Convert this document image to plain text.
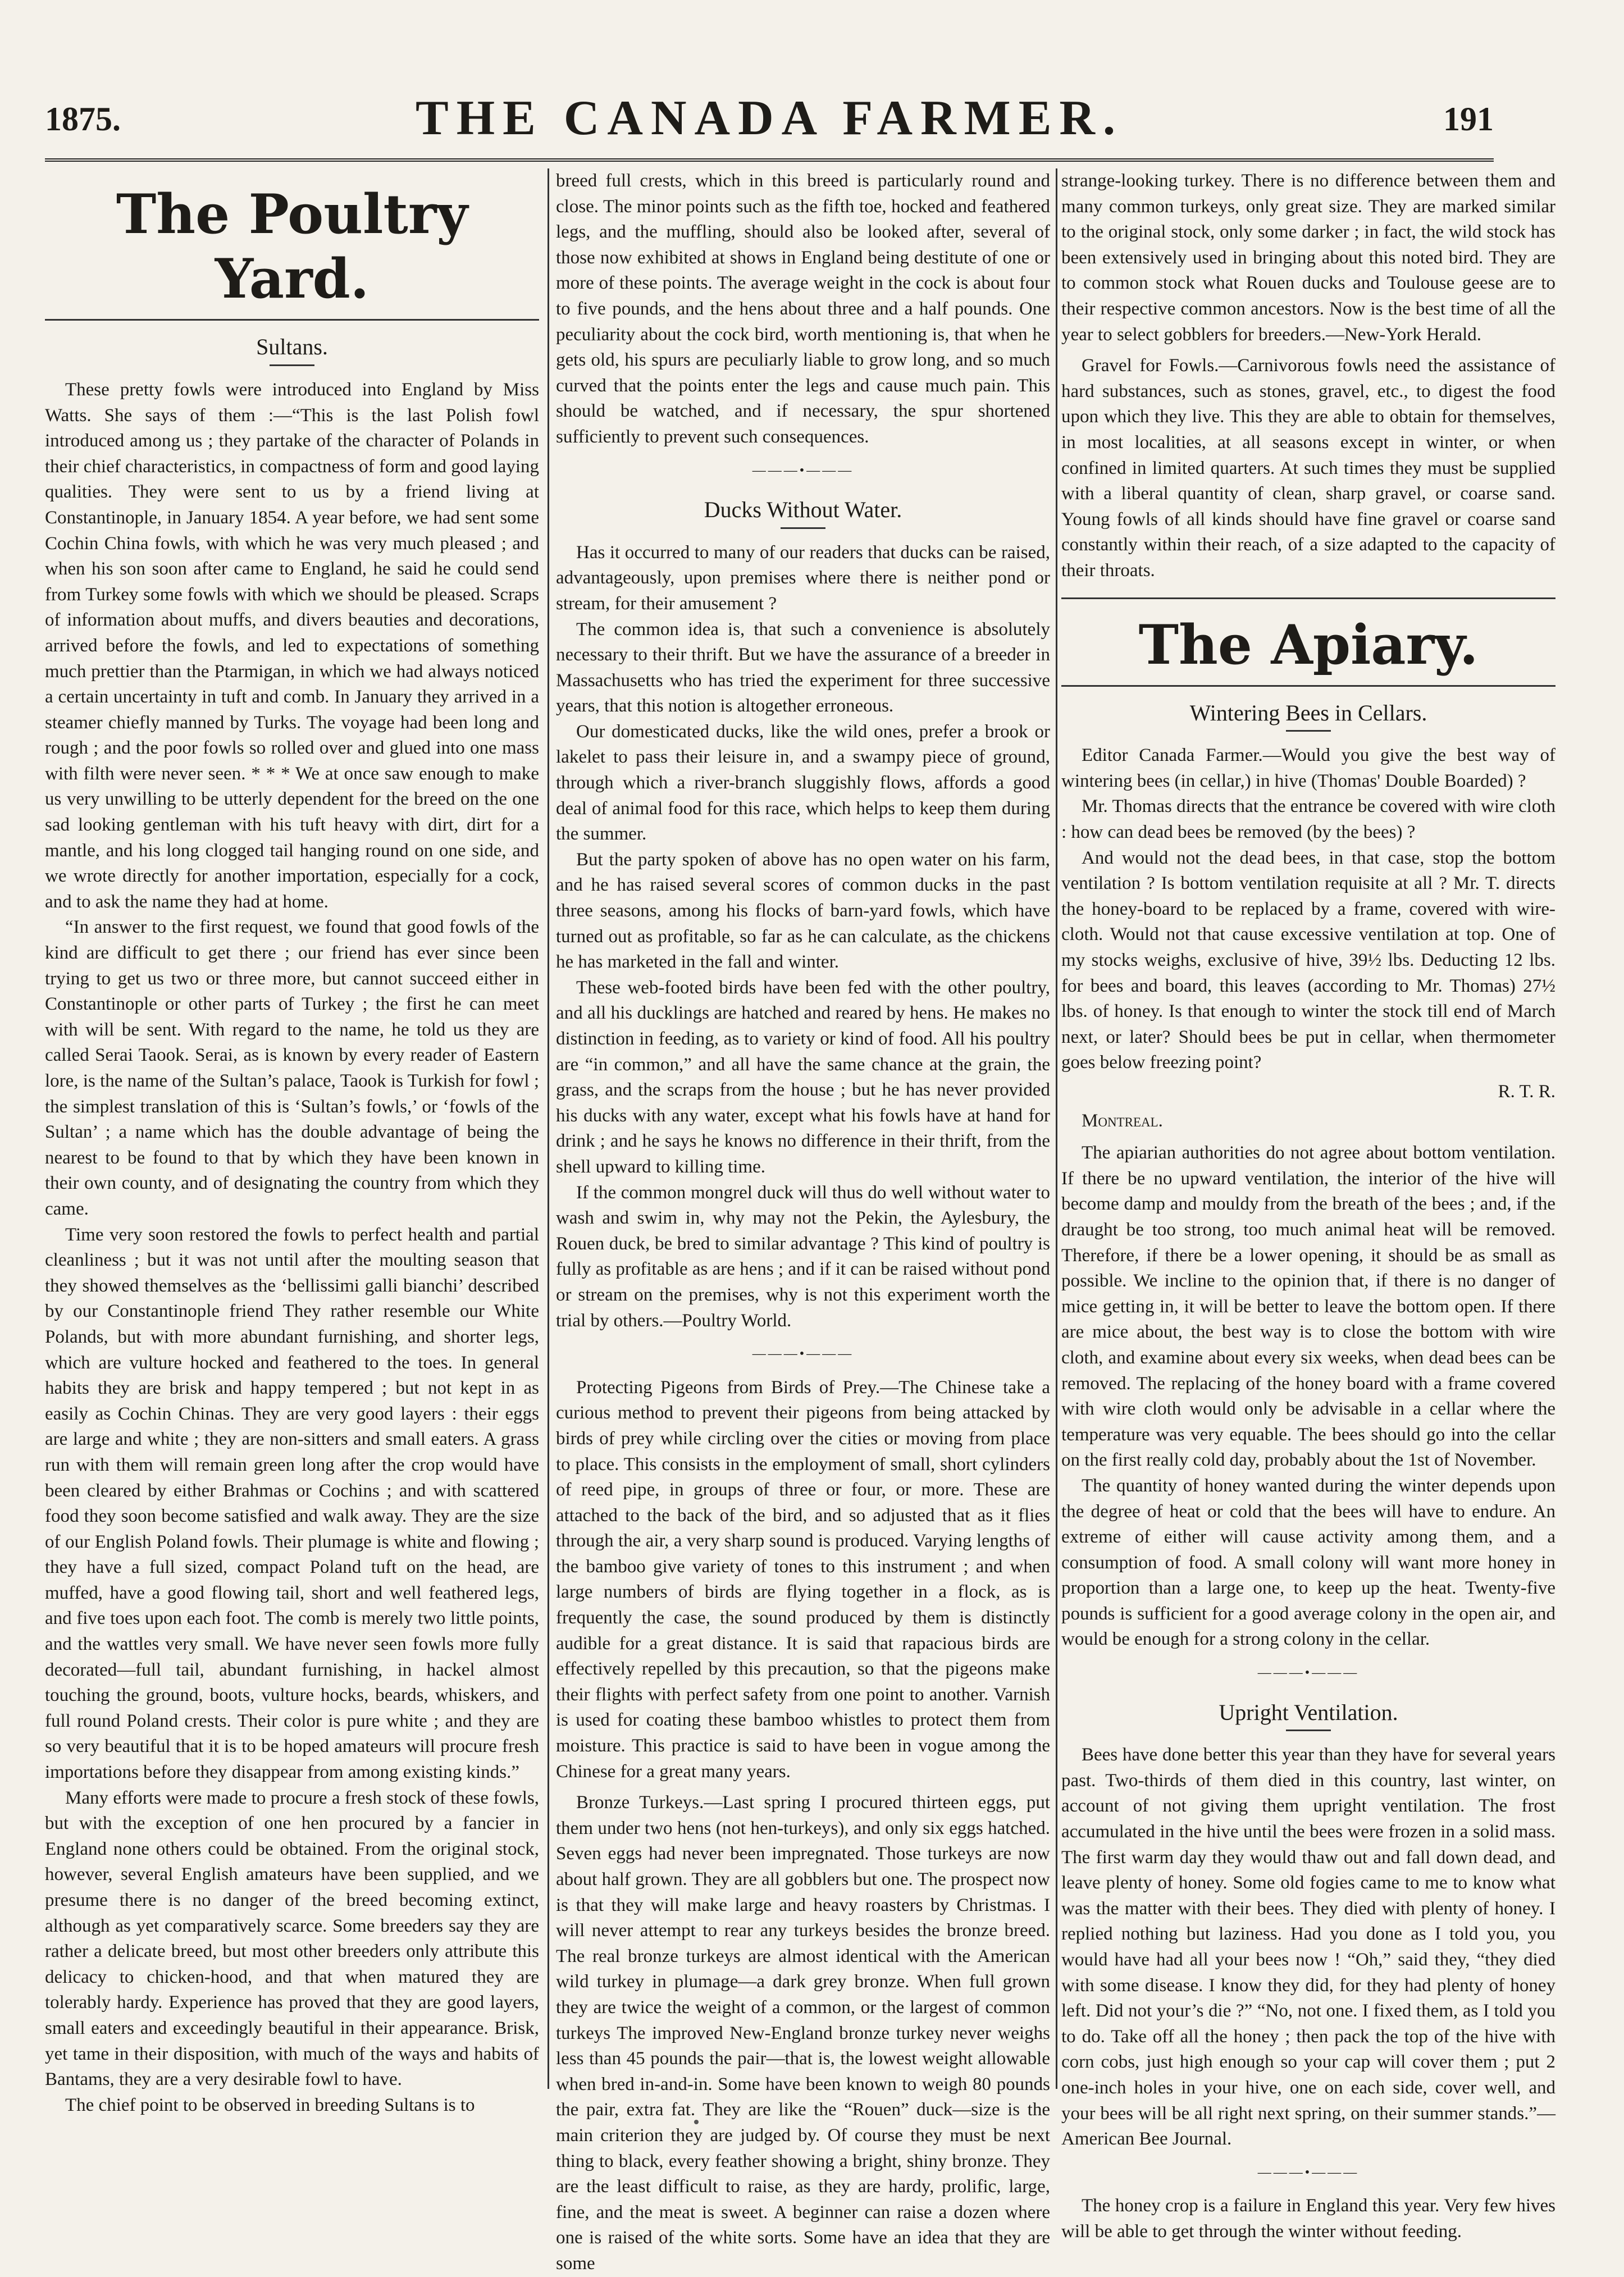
1875.	THE CANADA FARMER.	191
The Poultry Yard.
Sultans.

These pretty fowls were introduced into England by Miss Watts. She says of them :—“This is the last Polish fowl introduced among us ; they partake of the character of Polands in their chief characteristics, in compactness of form and good laying qualities. They were sent to us by a friend living at Constantinople, in January 1854. A year before, we had sent some Cochin China fowls, with which he was very much pleased ; and when his son soon after came to England, he said he could send from Turkey some fowls with which we should be pleased. Scraps of information about muffs, and divers beauties and decorations, arrived before the fowls, and led to expectations of something much prettier than the Ptarmigan, in which we had always noticed a certain uncertainty in tuft and comb. In January they arrived in a steamer chiefly manned by Turks. The voyage had been long and rough ; and the poor fowls so rolled over and glued into one mass with filth were never seen. * * * We at once saw enough to make us very unwilling to be utterly dependent for the breed on the one sad looking gentleman with his tuft heavy with dirt, dirt for a mantle, and his long clogged tail hanging round on one side, and we wrote directly for another importation, especially for a cock, and to ask the name they had at home.

“In answer to the first request, we found that good fowls of the kind are difficult to get there ; our friend has ever since been trying to get us two or three more, but cannot succeed either in Constantinople or other parts of Turkey ; the first he can meet with will be sent. With regard to the name, he told us they are called Serai Taook. Serai, as is known by every reader of Eastern lore, is the name of the Sultan’s palace, Taook is Turkish for fowl ; the simplest translation of this is ‘Sultan’s fowls,’ or ‘fowls of the Sultan’ ; a name which has the double advantage of being the nearest to be found to that by which they have been known in their own county, and of designating the country from which they came.

Time very soon restored the fowls to perfect health and partial cleanliness ; but it was not until after the moulting season that they showed themselves as the ‘bellissimi galli bianchi’ described by our Constantinople friend They rather resemble our White Polands, but with more abundant furnishing, and shorter legs, which are vulture hocked and feathered to the toes. In general habits they are brisk and happy tempered ; but not kept in as easily as Cochin Chinas. They are very good layers : their eggs are large and white ; they are non-sitters and small eaters. A grass run with them will remain green long after the crop would have been cleared by either Brahmas or Cochins ; and with scattered food they soon become satisfied and walk away. They are the size of our English Poland fowls. Their plumage is white and flowing ; they have a full sized, compact Poland tuft on the head, are muffed, have a good flowing tail, short and well feathered legs, and five toes upon each foot. The comb is merely two little points, and the wattles very small. We have never seen fowls more fully decorated—full tail, abundant furnishing, in hackel almost touching the ground, boots, vulture hocks, beards, whiskers, and full round Poland crests. Their color is pure white ; and they are so very beautiful that it is to be hoped amateurs will procure fresh importations before they disappear from among existing kinds.”

Many efforts were made to procure a fresh stock of these fowls, but with the exception of one hen procured by a fancier in England none others could be obtained. From the original stock, however, several English amateurs have been supplied, and we presume there is no danger of the breed becoming extinct, although as yet comparatively scarce. Some breeders say they are rather a delicate breed, but most other breeders only attribute this delicacy to chicken-hood, and that when matured they are tolerably hardy. Experience has proved that they are good layers, small eaters and exceedingly beautiful in their appearance. Brisk, yet tame in their disposition, with much of the ways and habits of Bantams, they are a very desirable fowl to have.

The chief point to be observed in breeding Sultans is to

breed full crests, which in this breed is particularly round and close. The minor points such as the fifth toe, hocked and feathered legs, and the muffling, should also be looked after, several of those now exhibited at shows in England being destitute of one or more of these points. The average weight in the cock is about four to five pounds, and the hens about three and a half pounds. One peculiarity about the cock bird, worth mentioning is, that when he gets old, his spurs are peculiarly liable to grow long, and so much curved that the points enter the legs and cause much pain. This should be watched, and if necessary, the spur shortened sufficiently to prevent such consequences.

———•———
Ducks Without Water.

Has it occurred to many of our readers that ducks can be raised, advantageously, upon premises where there is neither pond or stream, for their amusement ?

The common idea is, that such a convenience is absolutely necessary to their thrift. But we have the assurance of a breeder in Massachusetts who has tried the experiment for three successive years, that this notion is altogether erroneous.

Our domesticated ducks, like the wild ones, prefer a brook or lakelet to pass their leisure in, and a swampy piece of ground, through which a river-branch sluggishly flows, affords a good deal of animal food for this race, which helps to keep them during the summer.

But the party spoken of above has no open water on his farm, and he has raised several scores of common ducks in the past three seasons, among his flocks of barn-yard fowls, which have turned out as profitable, so far as he can calculate, as the chickens he has marketed in the fall and winter.

These web-footed birds have been fed with the other poultry, and all his ducklings are hatched and reared by hens. He makes no distinction in feeding, as to variety or kind of food. All his poultry are “in common,” and all have the same chance at the grain, the grass, and the scraps from the house ; but he has never provided his ducks with any water, except what his fowls have at hand for drink ; and he says he knows no difference in their thrift, from the shell upward to killing time.

If the common mongrel duck will thus do well without water to wash and swim in, why may not the Pekin, the Aylesbury, the Rouen duck, be bred to similar advantage ? This kind of poultry is fully as profitable as are hens ; and if it can be raised without pond or stream on the premises, why is not this experiment worth the trial by others.—Poultry World.

———•———

Protecting Pigeons from Birds of Prey.—The Chinese take a curious method to prevent their pigeons from being attacked by birds of prey while circling over the cities or moving from place to place. This consists in the employment of small, short cylinders of reed pipe, in groups of three or four, or more. These are attached to the back of the bird, and so adjusted that as it flies through the air, a very sharp sound is produced. Varying lengths of the bamboo give variety of tones to this instrument ; and when large numbers of birds are flying together in a flock, as is frequently the case, the sound produced by them is distinctly audible for a great distance. It is said that rapacious birds are effectively repelled by this precaution, so that the pigeons make their flights with perfect safety from one point to another. Varnish is used for coating these bamboo whistles to protect them from moisture. This practice is said to have been in vogue among the Chinese for a great many years.

Bronze Turkeys.—Last spring I procured thirteen eggs, put them under two hens (not hen-turkeys), and only six eggs hatched. Seven eggs had never been impregnated. Those turkeys are now about half grown. They are all gobblers but one. The prospect now is that they will make large and heavy roasters by Christmas. I will never attempt to rear any turkeys besides the bronze breed. The real bronze turkeys are almost identical with the American wild turkey in plumage—a dark grey bronze. When full grown they are twice the weight of a common, or the largest of common turkeys The improved New-England bronze turkey never weighs less than 45 pounds the pair—that is, the lowest weight allowable when bred in-and-in. Some have been known to weigh 80 pounds the pair, extra fat. They are like the “Rouen” duck—size is the main criterion they are judged by. Of course they must be next thing to black, every feather showing a bright, shiny bronze. They are the least difficult to raise, as they are hardy, prolific, large, fine, and the meat is sweet. A beginner can raise a dozen where one is raised of the white sorts. Some have an idea that they are some

strange-looking turkey. There is no difference between them and many common turkeys, only great size. They are marked similar to the original stock, only some darker ; in fact, the wild stock has been extensively used in bringing about this noted bird. They are to common stock what Rouen ducks and Toulouse geese are to their respective common ancestors. Now is the best time of all the year to select gobblers for breeders.—New-York Herald.

Gravel for Fowls.—Carnivorous fowls need the assistance of hard substances, such as stones, gravel, etc., to digest the food upon which they live. This they are able to obtain for themselves, in most localities, at all seasons except in winter, or when confined in limited quarters. At such times they must be supplied with a liberal quantity of clean, sharp gravel, or coarse sand. Young fowls of all kinds should have fine gravel or coarse sand constantly within their reach, of a size adapted to the capacity of their throats.

The Apiary.
Wintering Bees in Cellars.

Editor Canada Farmer.—Would you give the best way of wintering bees (in cellar,) in hive (Thomas' Double Boarded) ?

Mr. Thomas directs that the entrance be covered with wire cloth : how can dead bees be removed (by the bees) ?

And would not the dead bees, in that case, stop the bottom ventilation ? Is bottom ventilation requisite at all ? Mr. T. directs the honey-board to be replaced by a frame, covered with wire-cloth. Would not that cause excessive ventilation at top. One of my stocks weighs, exclusive of hive, 39½ lbs. Deducting 12 lbs. for bees and board, this leaves (according to Mr. Thomas) 27½ lbs. of honey. Is that enough to winter the stock till end of March next, or later? Should bees be put in cellar, when thermometer goes below freezing point?

R. T. R.

Montreal.

The apiarian authorities do not agree about bottom ventilation. If there be no upward ventilation, the interior of the hive will become damp and mouldy from the breath of the bees ; and, if the draught be too strong, too much animal heat will be removed. Therefore, if there be a lower opening, it should be as small as possible. We incline to the opinion that, if there is no danger of mice getting in, it will be better to leave the bottom open. If there are mice about, the best way is to close the bottom with wire cloth, and examine about every six weeks, when dead bees can be removed. The replacing of the honey board with a frame covered with wire cloth would only be advisable in a cellar where the temperature was very equable. The bees should go into the cellar on the first really cold day, probably about the 1st of November.

The quantity of honey wanted during the winter depends upon the degree of heat or cold that the bees will have to endure. An extreme of either will cause activity among them, and a consumption of food. A small colony will want more honey in proportion than a large one, to keep up the heat. Twenty-five pounds is sufficient for a good average colony in the open air, and would be enough for a strong colony in the cellar.

———•———
Upright Ventilation.

Bees have done better this year than they have for several years past. Two-thirds of them died in this country, last winter, on account of not giving them upright ventilation. The frost accumulated in the hive until the bees were frozen in a solid mass. The first warm day they would thaw out and fall down dead, and leave plenty of honey. Some old fogies came to me to know what was the matter with their bees. They died with plenty of honey. I replied nothing but laziness. Had you done as I told you, you would have had all your bees now ! “Oh,” said they, “they died with some disease. I know they did, for they had plenty of honey left. Did not your’s die ?” “No, not one. I fixed them, as I told you to do. Take off all the honey ; then pack the top of the hive with corn cobs, just high enough so your cap will cover them ; put 2 one-inch holes in your hive, one on each side, cover well, and your bees will be all right next spring, on their summer stands.”—American Bee Journal.

———•———

The honey crop is a failure in England this year. Very few hives will be able to get through the winter without feeding.
